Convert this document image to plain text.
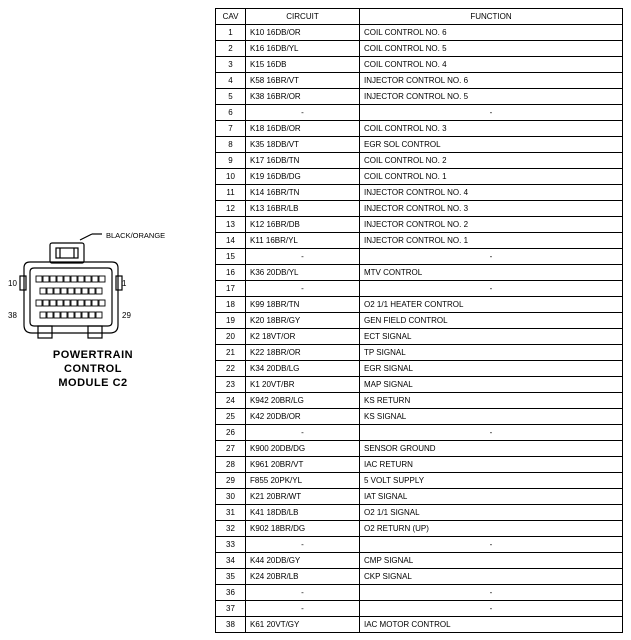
BLACK/ORANGE
10	1
38	29
POWERTRAIN
CONTROL
MODULE C2
CAV	CIRCUIT	FUNCTION
1	K10 16DB/OR	COIL CONTROL NO. 6
2	K16 16DB/YL	COIL CONTROL NO. 5
3	K15 16DB	COIL CONTROL NO. 4
4	K58 16BR/VT	INJECTOR CONTROL NO. 6
5	K38 16BR/OR	INJECTOR CONTROL NO. 5
6	-	-
7	K18 16DB/OR	COIL CONTROL NO. 3
8	K35 18DB/VT	EGR SOL CONTROL
9	K17 16DB/TN	COIL CONTROL NO. 2
10	K19 16DB/DG	COIL CONTROL NO. 1
11	K14 16BR/TN	INJECTOR CONTROL NO. 4
12	K13 16BR/LB	INJECTOR CONTROL NO. 3
13	K12 16BR/DB	INJECTOR CONTROL NO. 2
14	K11 16BR/YL	INJECTOR CONTROL NO. 1
15	-	-
16	K36 20DB/YL	MTV CONTROL
17	-	-
18	K99 18BR/TN	O2 1/1 HEATER CONTROL
19	K20 18BR/GY	GEN FIELD CONTROL
20	K2 18VT/OR	ECT SIGNAL
21	K22 18BR/OR	TP SIGNAL
22	K34 20DB/LG	EGR SIGNAL
23	K1 20VT/BR	MAP SIGNAL
24	K942 20BR/LG	KS RETURN
25	K42 20DB/OR	KS SIGNAL
26	-	-
27	K900 20DB/DG	SENSOR GROUND
28	K961 20BR/VT	IAC RETURN
29	F855 20PK/YL	5 VOLT SUPPLY
30	K21 20BR/WT	IAT SIGNAL
31	K41 18DB/LB	O2 1/1 SIGNAL
32	K902 18BR/DG	O2 RETURN (UP)
33	-	-
34	K44 20DB/GY	CMP SIGNAL
35	K24 20BR/LB	CKP SIGNAL
36	-	-
37	-	-
38	K61 20VT/GY	IAC MOTOR CONTROL
